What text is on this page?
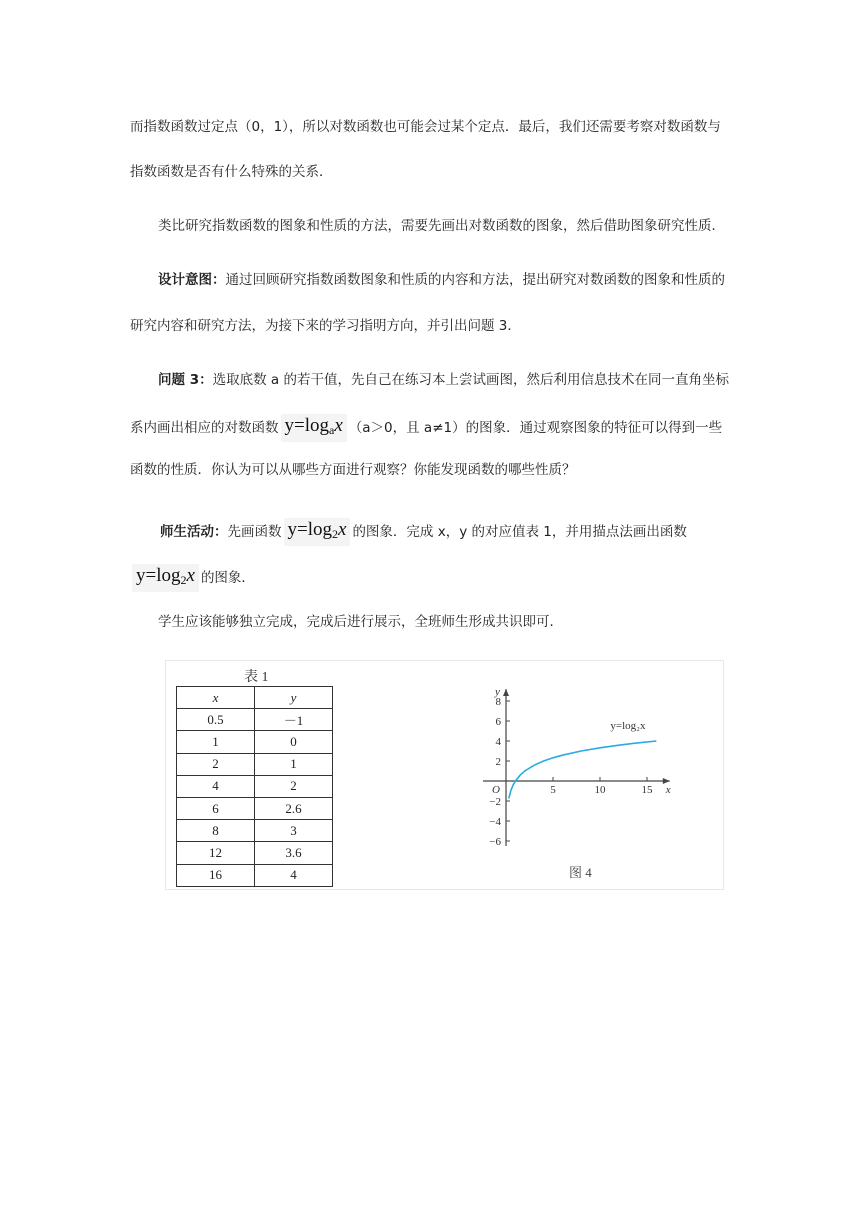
而指数函数过定点（0，1），所以对数函数也可能会过某个定点．最后，我们还需要考察对数函数与
指数函数是否有什么特殊的关系．
类比研究指数函数的图象和性质的方法，需要先画出对数函数的图象，然后借助图象研究性质．
设计意图：通过回顾研究指数函数图象和性质的内容和方法，提出研究对数函数的图象和性质的
研究内容和研究方法，为接下来的学习指明方向，并引出问题 3．
问题 3：选取底数 a 的若干值，先自己在练习本上尝试画图，然后利用信息技术在同一直角坐标
系内画出相应的对数函数 $y=\log_ax$ （a＞0，且 a≠1）的图象．通过观察图象的特征可以得到一些
函数的性质．你认为可以从哪些方面进行观察？你能发现函数的哪些性质？
师生活动：先画函数 $y=\log_2x$ 的图象．完成 x，y 的对应值表 1，并用描点法画出函数
$y=\log_2x$ 的图象．
学生应该能够独立完成，完成后进行展示，全班师生形成共识即可．
表 1
x	y
0.5	－1
1	0
2	1
4	2
6	2.6
8	3
12	3.6
16	4
5	10	15
8
6
4
2
−2
−4
−6
O	x
y
y=log₂x
图 4
